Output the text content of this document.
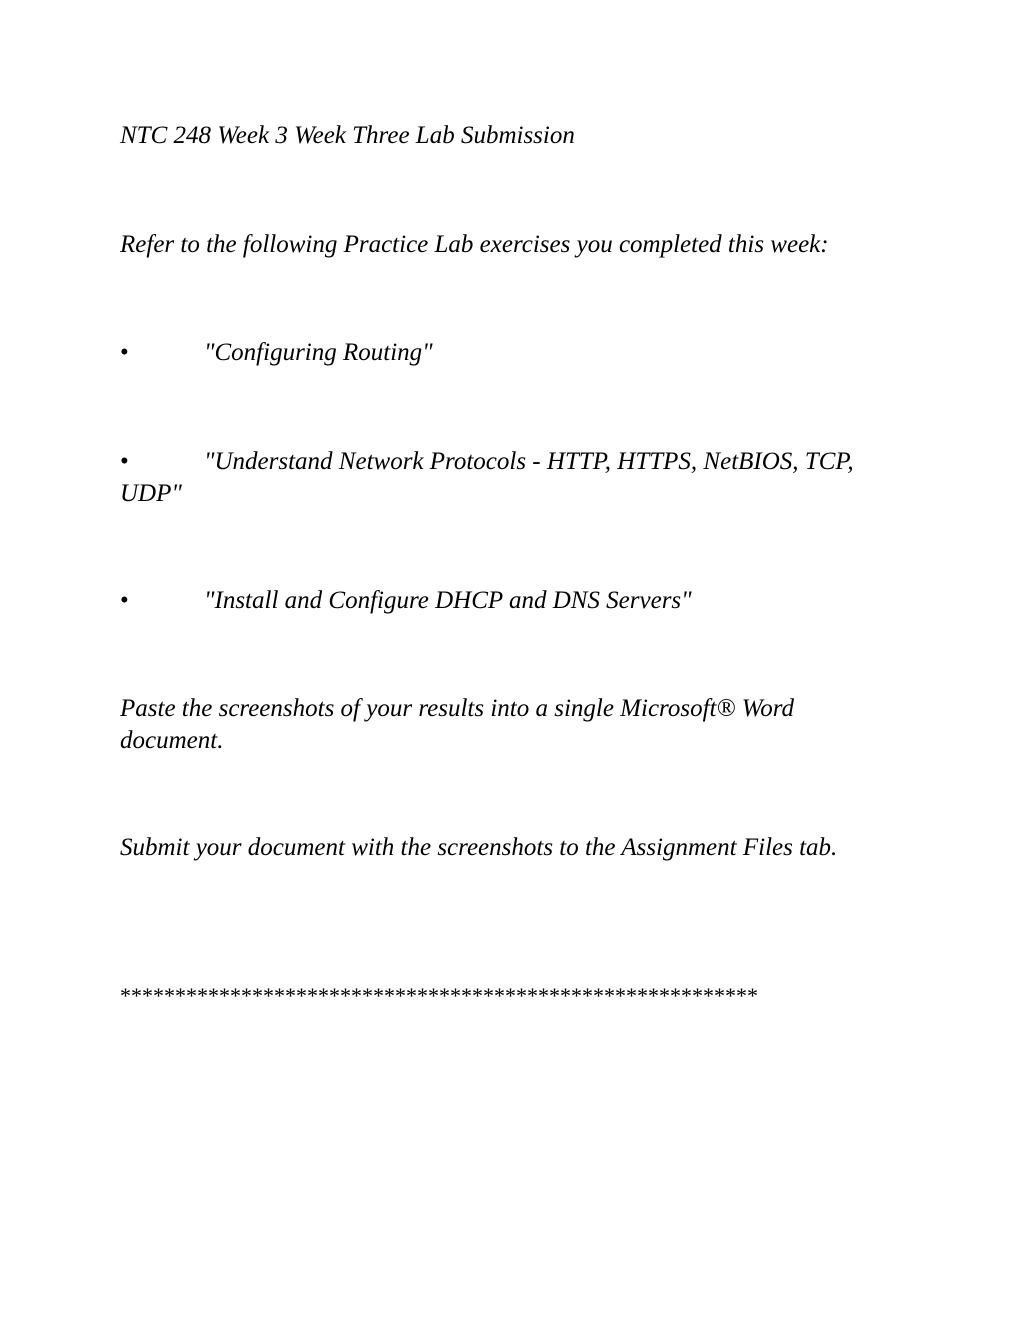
NTC 248 Week 3 Week Three Lab Submission
Refer to the following Practice Lab exercises you completed this week:
•	"Configuring Routing"
•	"Understand Network Protocols - HTTP, HTTPS, NetBIOS, TCP,
UDP"
•	"Install and Configure DHCP and DNS Servers"
Paste the screenshots of your results into a single Microsoft® Word
document.
Submit your document with the screenshots to the Assignment Files tab.
**********************************************************
